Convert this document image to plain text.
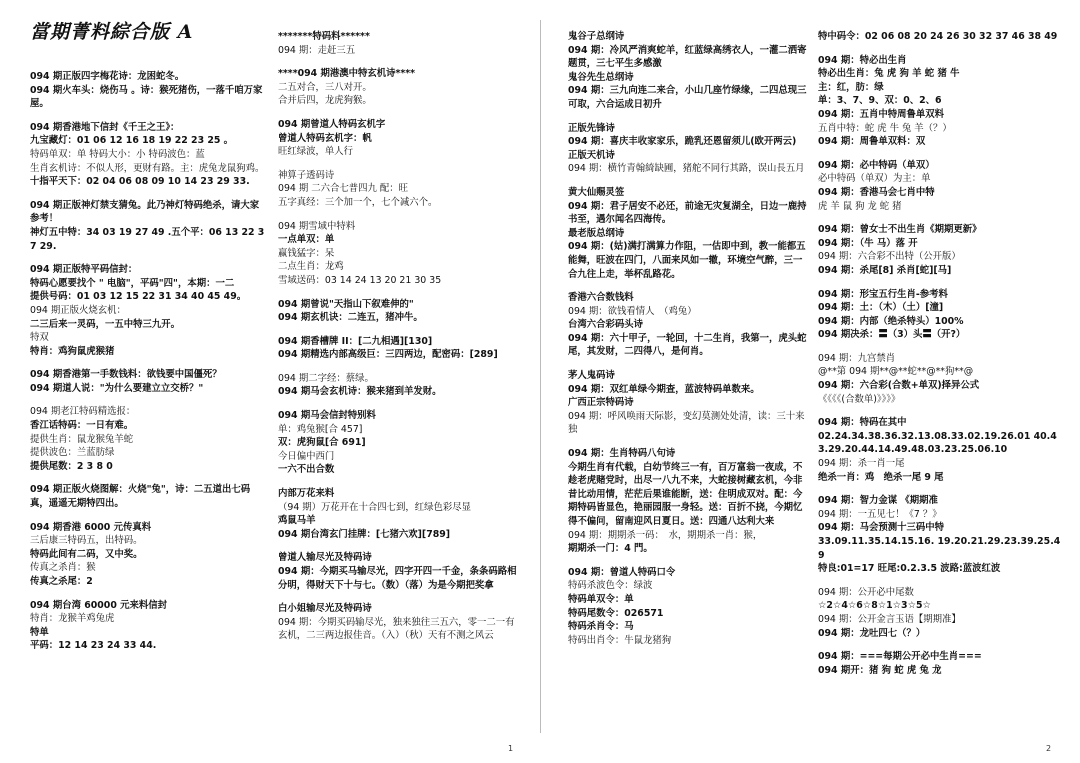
當期菁料綜合版 A
094 期正版四字梅花诗：龙困蛇冬。
094 期火车头：烧伤马 。诗：猴死猪伤，一落千咱万家屋。
094 期香港地下信封《千王之王》：
九宝藏灯：01 06 12 16 18 19 22 23 25 。
特码单双：单 特码大小：小 特码波色：蓝
生肖玄机诗：不似人形，更财有路。主：虎兔龙鼠狗鸡。
十指平天下：02 04 06 08 09 10 14 23 29 33.
094 期正版神灯禁支猜兔。此乃神灯特码绝杀，请大家参考！
神灯五中特：34 03 19 27 49 .五个平：06 13 22 37 29.
094 期正版特平码信封：
特码心愿要找个 " 电脑"，平码"四"，本期：一二
提供号码：01 03 12 15 22 31 34 40 45 49。
094 期正版火烧玄机：
二三后来一灵码，一五中特三九开。
特双
特肖：鸡狗鼠虎猴猪
094 期香港第一手数钱料：欲钱要中国僵死？
094 期道人说："为什么要建立立交桥？"
094 期老江特码精选报：
香江话特码：一日有难。
提供生肖：鼠龙猴兔羊蛇
提供波色：兰蓝肪绿
提供尾数：2 3 8 0
094 期正版火烧图解：火烧"兔"，诗：二五道出七码真，遥遥无期特四出。
094 期香港 6000 元传真料
三后康三特码五，出特码。
特码此间有二码，又中奖。
传真之杀肖：猴
传真之杀尾：2
094 期台湾 60000 元来料信封
特肖：龙猴羊鸡兔虎
特单
平码：12 14 23 24 33 44.
*******特码料******
094 期：走赶三五
****094 期港澳中特玄机诗****
二五对合，三八对开。
合并后四，龙虎狗猴。
094 期曾道人特码玄机字
曾道人特码玄机字：帆
旺红绿波，单人行
神算子透码诗
094 期 二六合七普四九 配：旺
五字真经：三个加一个，七个减六个。
094 期雪域中特料
一点单双：单
赢钱猛字：呆
二点生肖：龙鸡
雪域送码：03 14 24 13 20 21 30 35
094 期曾说"天指山下叙难伸的"
094 期玄机诀：二连五，猪冲牛。
094 期香槽牌 II：[二九相遇][130]
094 期精选内部高级巨：三四两边，配密码：[289]
094 期二字经：蔡绿。
094 期马会玄机诗：猴来猪到羊发财。
094 期马会信封特别料
单：鸡兔猴[合 457]
双：虎狗鼠[合 691]
今日偏中西门
一六不出合数
内部万花来料
（94 期）万花开在十合四七到，红绿色彩尽显
鸡鼠马羊
094 期台湾玄门挂牌：[七猪六欢][789]
曾道人输尽光及特码诗
094 期：今期买马输尽光，四字开四一千金，条条码路相分明，得财天下十与七。（数）（落）为是今期把奖拿
白小姐输尽光及特码诗
094 期：今期买码输尽光，独来独往三五六，零一二一有玄机，二三两边报佳音。（入）（秋）天有不测之风云
鬼谷子总纲诗
094 期：冷风严消爽蛇羊，红蓝绿高绣衣人，一灌二洒寄题贯，三七平生多感激
鬼谷先生总纲诗
094 期：三九向连二来合，小山几座竹绿缘，二四总现三可取，六合运成日初升
正版先锋诗
094 期：喜庆丰收家家乐，跪乳还恩留须儿(欧开两云)
正版天机诗
094 期：横竹青翰綺缺圃，猪舵不同行其路，误山長五月
黄大仙赐灵签
094 期：君子居安不必还，前途无灾复湖全，日边一鹿持书至，遇尔闻名四海传。
最老版总纲诗
094 期：(姑)满打满算力作阻，一估即中到，教一能都五能舞，旺波在四门，八面来风如一辙，环境空气醉，三一合九往上走，举杯乱路花。
香港六合数钱料
094 期：欲钱看情人　（鸡兔）
台湾六合彩码头诗
094 期：六十甲子，一轮回，十二生肖，我第一，虎头蛇尾，其发财，二四得八，是何肖。
茅人鬼码诗
094 期：双红单绿今期查，蓝波特码单数来。
广西正宗特码诗
094 期：呼风唤雨天际影，变幻莫测处处清，读：三十来独
094 期：生肖特码八句诗
今期生肖有代载，白幼节终三一有，百万富翁一夜成，不趁老虎赌党时，出尽一八九不来，大蛇接树藏玄机，今非昔比动用情，茫茫后果谁能断，送：住明成双对。配：今期特码皆显色，艳丽园服一身轻。送：百折不挠，今期忆得不偏问，留南迎风日夏日。送：四通八达利大来
094 期：期期杀一码：　水，期期杀一肖：猴，
期期杀一门：4 門。
094 期：曾道人特码口令
特码杀波色令：绿波
特码单双令：单
特码尾数令：026571
特码杀肖令：马
特码出肖令：牛鼠龙猪狗
特中码令：02 06 08 20 24 26 30 32 37 46 38 49
094 期：特必出生肖
特必出生肖：兔 虎 狗 羊 蛇 猪 牛
主：红，肪：绿
单：3、7、9、双：0、2、6
094 期：五肖中特周鲁单双料
五肖中特：蛇 虎 牛 兔 羊（？）
094 期：周鲁单双料：双
094 期：必中特码（单双）
必中特码（单双）为主：单
094 期：香港马会七肖中特
虎 羊 鼠 狗 龙 蛇 猪
094 期：曾女士不出生肖《期期更新》
094 期：（牛 马）落 开
094 期：六合彩不出特（公开版）
094 期：杀尾[8] 杀肖[蛇][马]
094 期：形宝五行生肖-参考料
094 期：土：（木）（土）[潼]
094 期：内部（绝杀特头）100%
094 期决杀：〓（3）头〓（开?）
094 期：九宫禁肖
@**第 094 期**@**蛇**@**狗**@
094 期：六合彩(合数+单双)择异公式
《《《《(合数单)》》》》
094 期：特码在其中
02.24.34.38.36.32.13.08.33.02.19.26.01 40.43.29.20.44.14.49.48.03.23.25.06.10
094 期：杀一肖一尾
绝杀一肖：鸡　绝杀一尾 9 尾
094 期：智力金谋 《期期准
094 期：一五见七！《7 ？》
094 期：马会预测十三码中特
33.09.11.35.14.15.16. 19.20.21.29.23.39.25.49
特良:01=17 旺尾:0.2.3.5 波路:蓝波红波
094 期：公开必中尾数
☆2☆4☆6☆8☆1☆3☆5☆
094 期：公开金言玉语【期期准】
094 期：龙吐四七（？）
094 期：===每期公开必中生肖===
094 期开：猪 狗 蛇 虎 兔 龙
1	2
